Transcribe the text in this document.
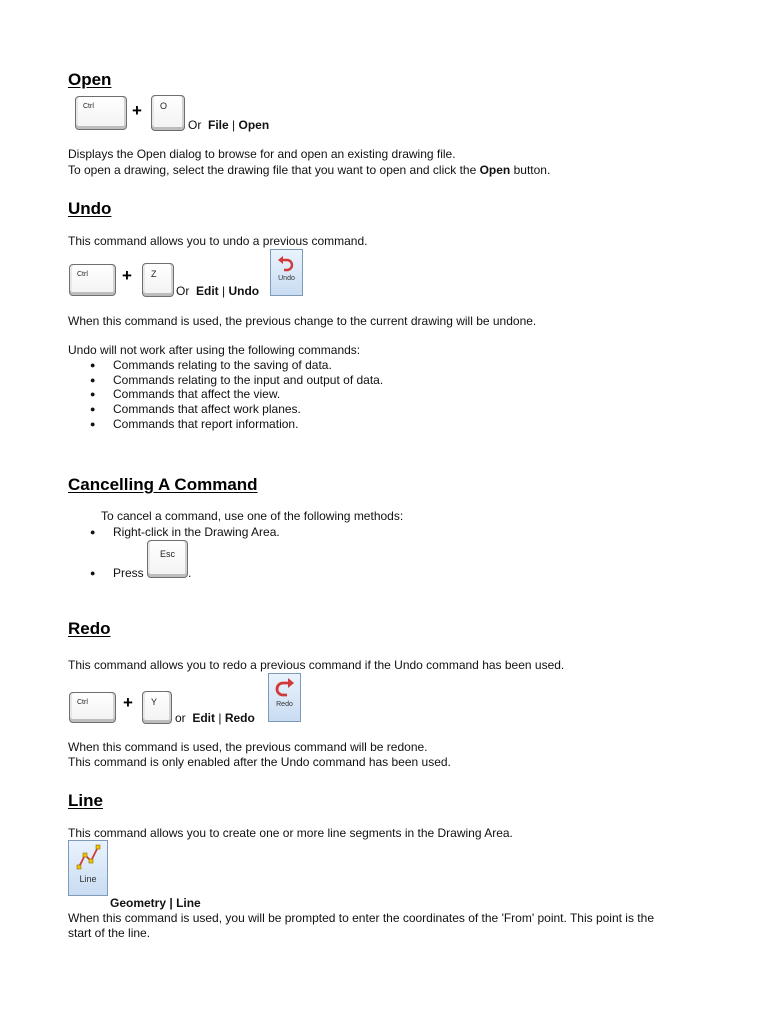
Open
Ctrl	+	O
Or File | Open
Displays the Open dialog to browse for and open an existing drawing file.
To open a drawing, select the drawing file that you want to open and click the Open button.
Undo
This command allows you to undo a previous command.
Ctrl	+	Z
Or Edit | Undo
Undo
When this command is used, the previous change to the current drawing will be undone.
Undo will not work after using the following commands:
● Commands relating to the saving of data.
● Commands relating to the input and output of data.
● Commands that affect the view.
● Commands that affect work planes.
● Commands that report information.
Cancelling A Command
To cancel a command, use one of the following methods:
● Right-click in the Drawing Area.
● Press
Esc
.
Redo
This command allows you to redo a previous command if the Undo command has been used.
Ctrl	+	Y
or Edit | Redo
Redo
When this command is used, the previous command will be redone.
This command is only enabled after the Undo command has been used.
Line
This command allows you to create one or more line segments in the Drawing Area.
Line
Geometry | Line
When this command is used, you will be prompted to enter the coordinates of the 'From' point. This point is the
start of the line.
